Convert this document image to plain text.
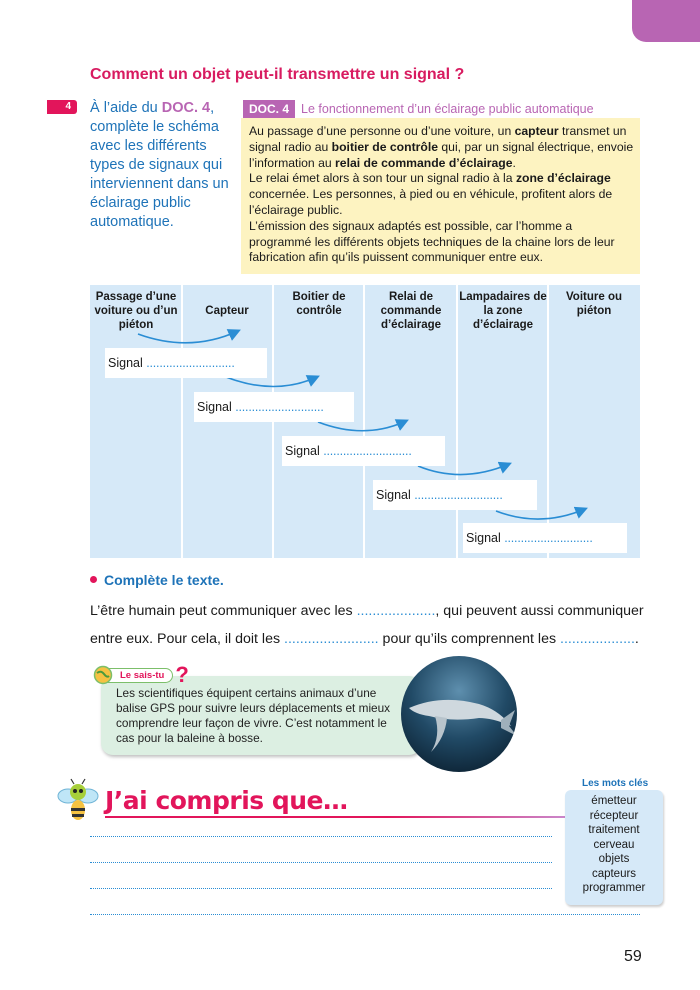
Comment un objet peut-il transmettre un signal ?
4	À l’aide du DOC. 4, complète le schéma avec les différents types de signaux qui interviennent dans un éclairage public automatique.

DOC. 4 Le fonctionnement d’un éclairage public automatique

Au passage d’une personne ou d’une voiture, un capteur transmet un signal radio au boitier de contrôle qui, par un signal électrique, envoie l’information au relai de commande d’éclairage.

Le relai émet alors à son tour un signal radio à la zone d’éclairage concernée. Les personnes, à pied ou en véhicule, profitent alors de l’éclairage public.

L’émission des signaux adaptés est possible, car l’homme a programmé les différents objets techniques de la chaine lors de leur fabrication afin qu’ils puissent communiquer entre eux.

Passage d’une voiture ou d’un piéton
Capteur
Boitier de contrôle
Relai de commande d’éclairage
Lampadaires de la zone d’éclairage
Voiture ou piéton
Signal ...........................
Signal ...........................
Signal ...........................
Signal ...........................
Signal ...........................
Complète le texte.

L’être humain peut communiquer avec les ...................., qui peuvent aussi communiquer entre eux. Pour cela, il doit les ........................ pour qu’ils comprennent les ....................

Les scientifiques équipent certains animaux d’une balise GPS pour suivre leurs déplacements et mieux comprendre leur façon de vivre. C’est notamment le cas pour la baleine à bosse.

Le sais-tu ?
J’ai compris que…
Les mots clés
émetteur
récepteur
traitement
cerveau
objets
capteurs
programmer
59
